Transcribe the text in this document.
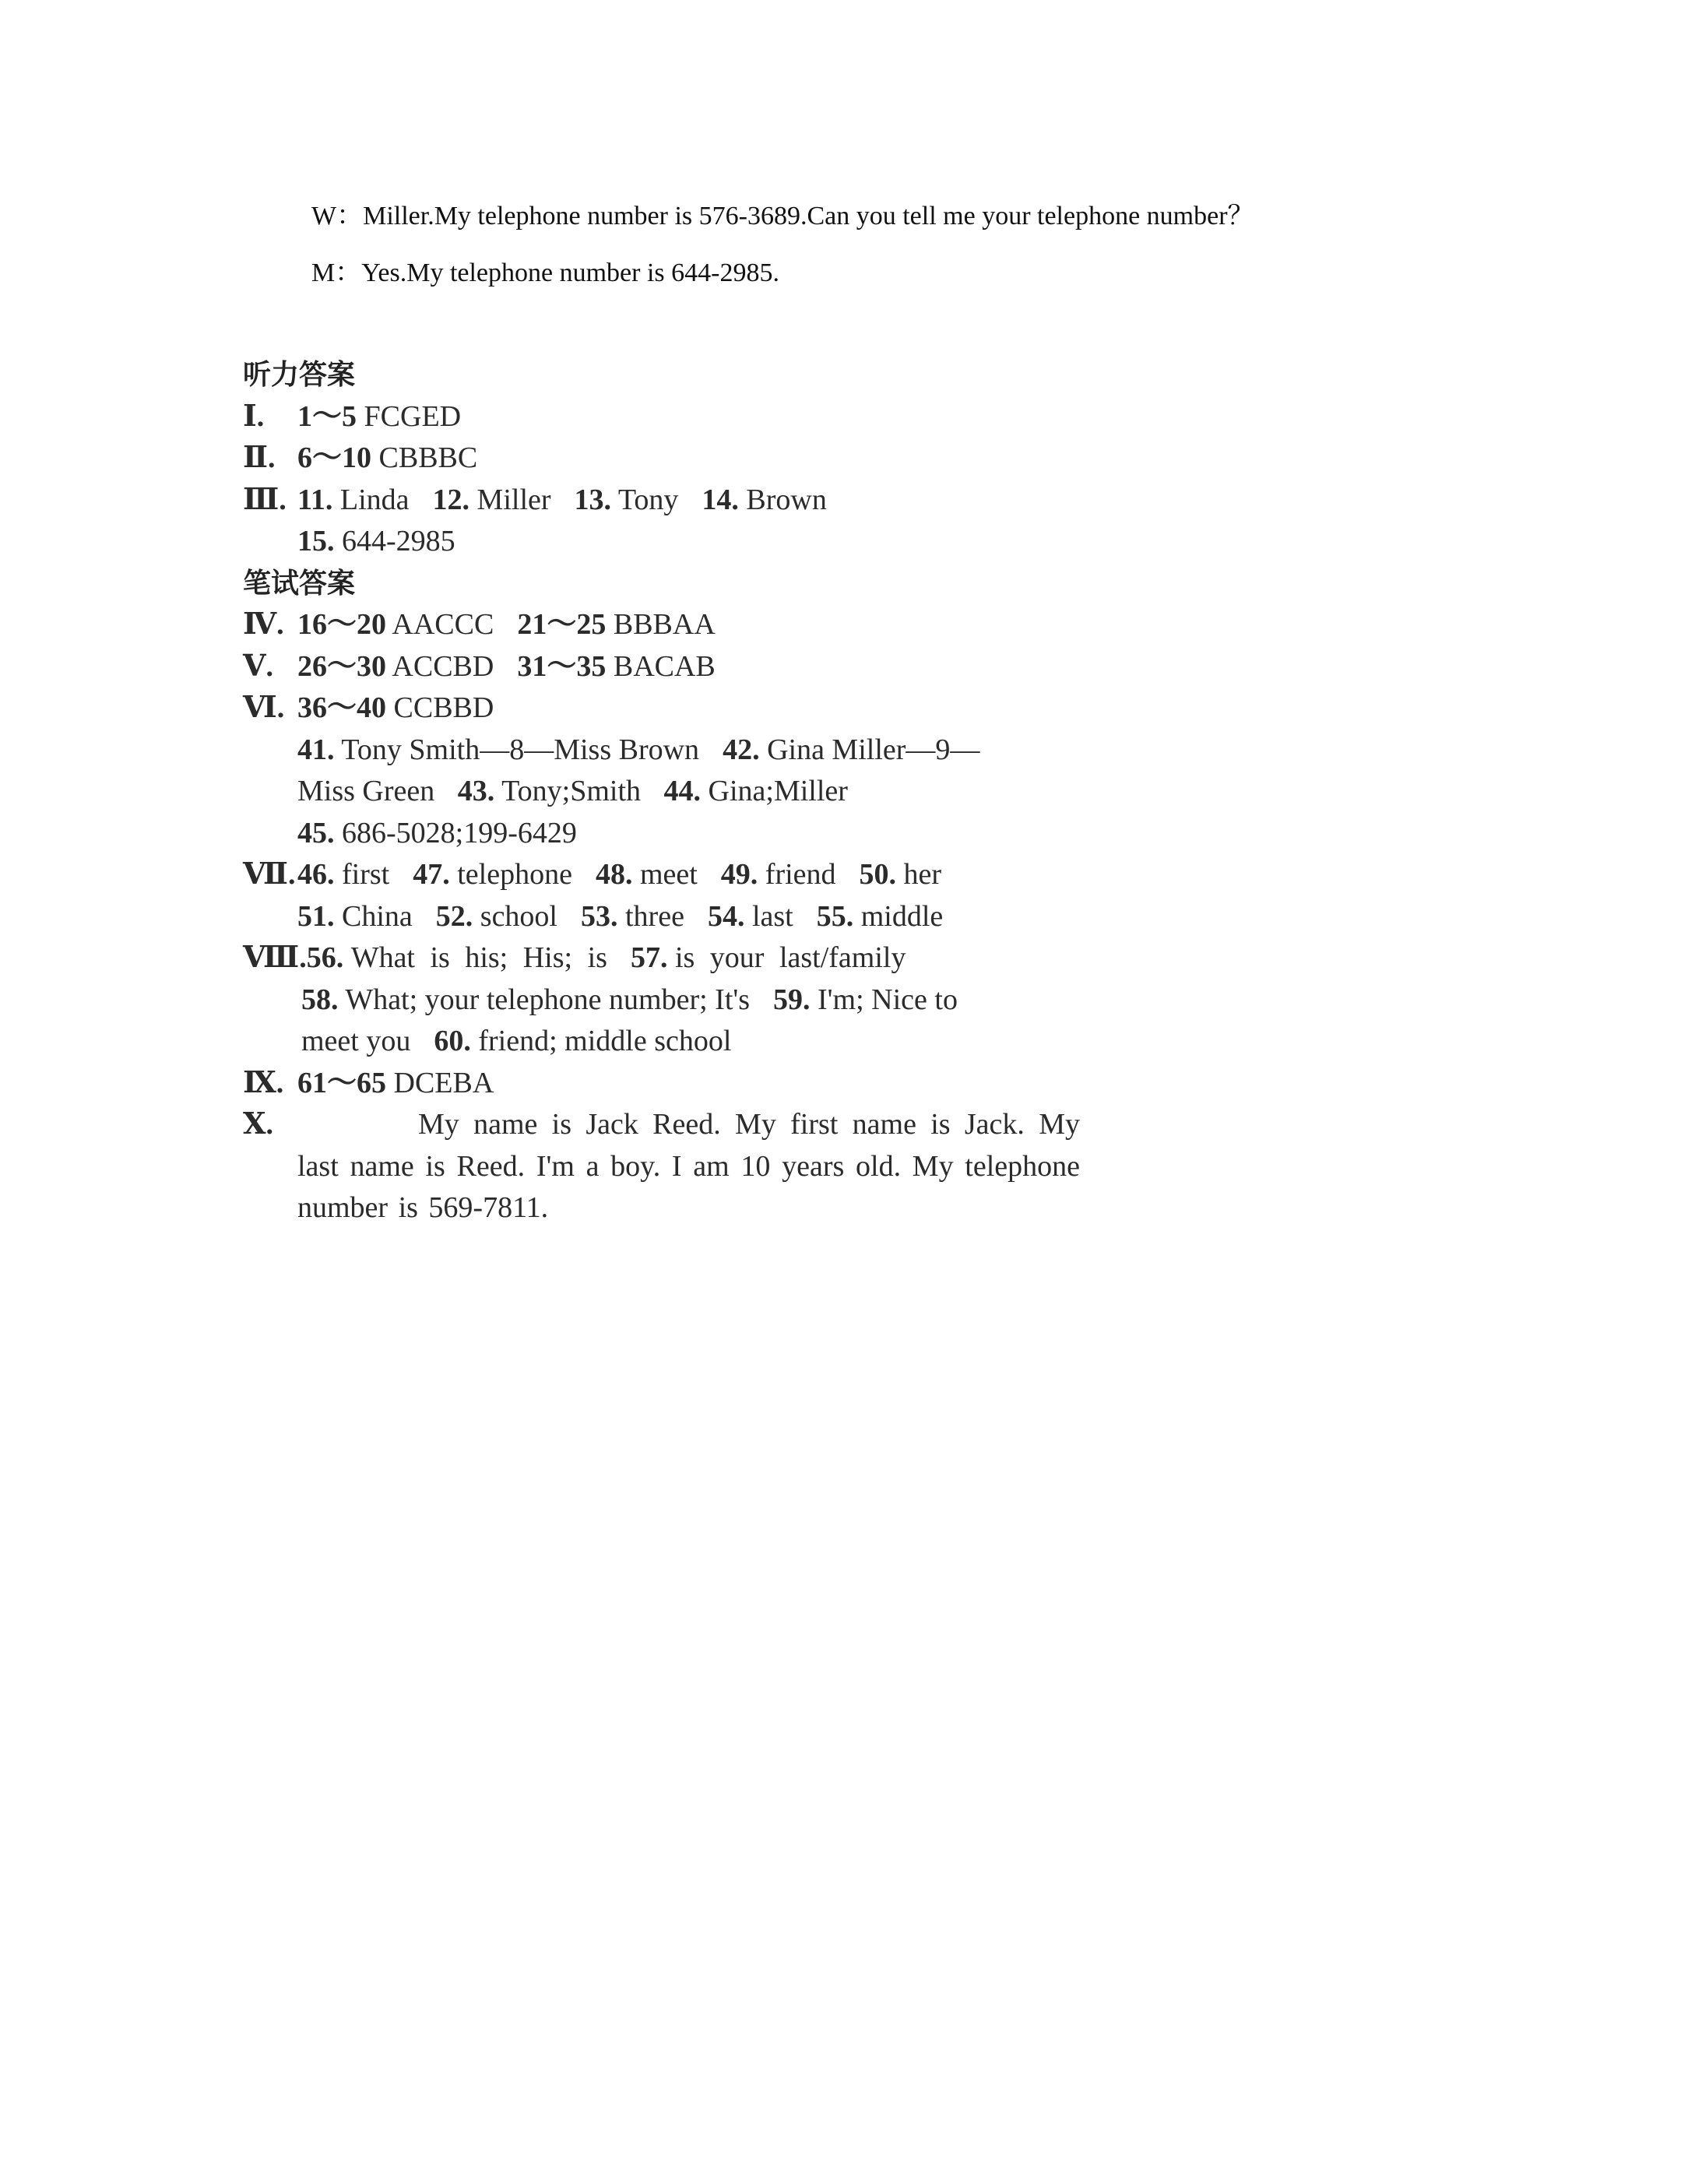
W：Miller.My telephone number is 576-3689.Can you tell me your telephone number？
M：Yes.My telephone number is 644-2985.
听力答案
Ⅰ. 1～5 FCGED
Ⅱ. 6～10 CBBBC
Ⅲ. 11. Linda 12. Miller 13. Tony 14. Brown
15. 644-2985
笔试答案
Ⅳ. 16～20 AACCC 21～25 BBBAA
Ⅴ. 26～30 ACCBD 31～35 BACAB
Ⅵ. 36～40 CCBBD
41. Tony Smith—8—Miss Brown 42. Gina Miller—9—
Miss Green 43. Tony;Smith 44. Gina;Miller
45. 686-5028;199-6429
Ⅶ.46. first 47. telephone 48. meet 49. friend 50. her
51. China 52. school 53. three 54. last 55. middle
Ⅷ.56. What is his; His; is 57. is your last/family
58. What; your telephone number; It's 59. I'm; Nice to
meet you 60. friend; middle school
Ⅸ. 61～65 DCEBA
Ⅹ.	My name is Jack Reed. My first name is Jack. My last name is Reed. I'm a boy. I am 10 years old. My telephone number is 569-7811.
